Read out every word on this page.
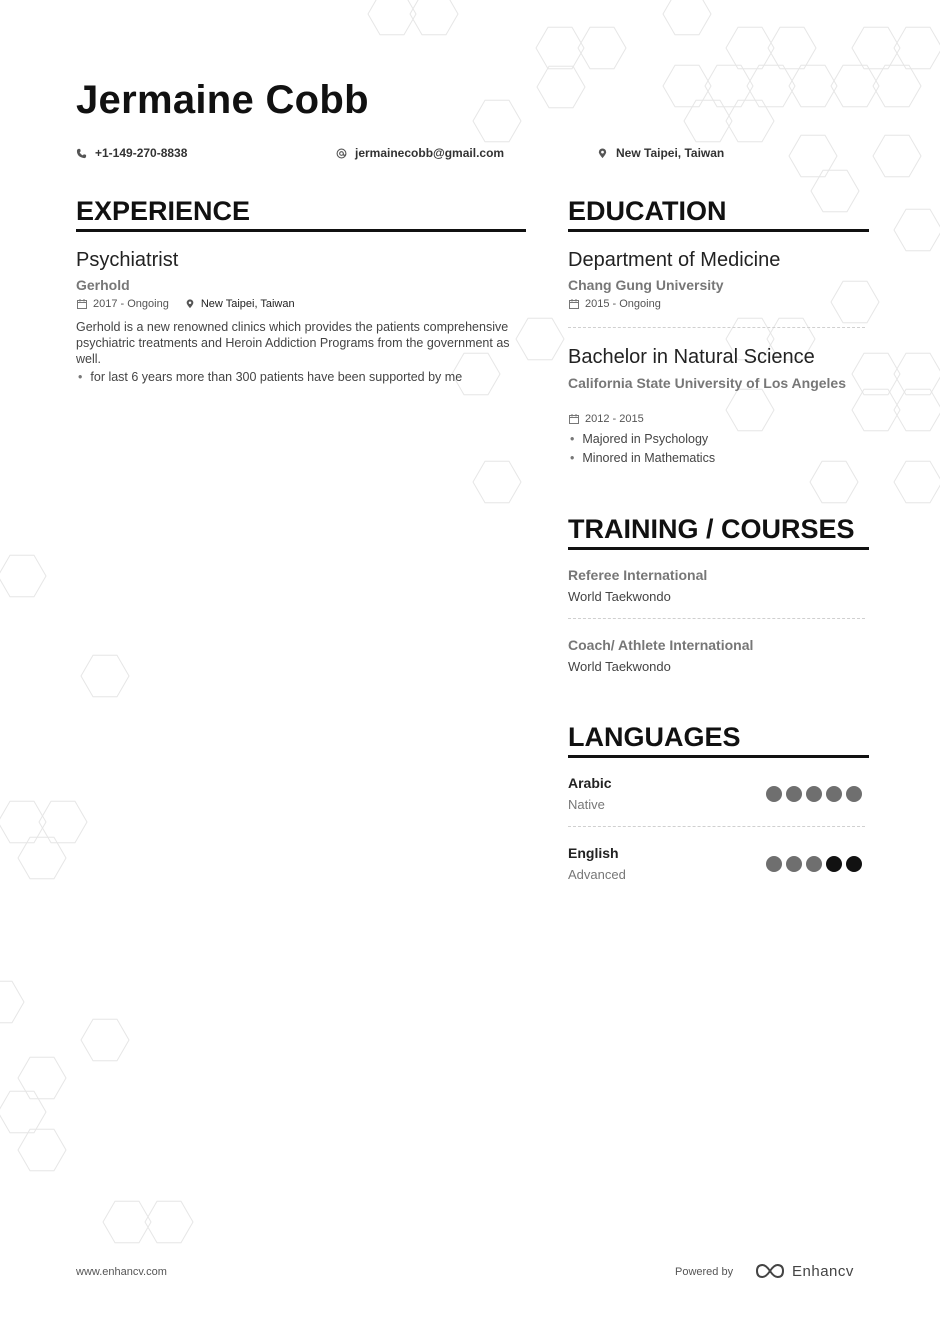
Jermaine Cobb
+1-149-270-8838	jermainecobb@gmail.com	New Taipei, Taiwan
EXPERIENCE
Psychiatrist
Gerhold
2017 - Ongoing	New Taipei, Taiwan
Gerhold is a new renowned clinics which provides the patients comprehensive psychiatric treatments and Heroin Addiction Programs from the government as well.
• for last 6 years more than 300 patients have been supported by me
EDUCATION
Department of Medicine
Chang Gung University
2015 - Ongoing
Bachelor in Natural Science
California State University of Los Angeles
2012 - 2015
• Majored in Psychology
• Minored in Mathematics
TRAINING / COURSES
Referee International
World Taekwondo
Coach/ Athlete International
World Taekwondo
LANGUAGES
Arabic
Native
English
Advanced
www.enhancv.com	Powered by	Enhancv
